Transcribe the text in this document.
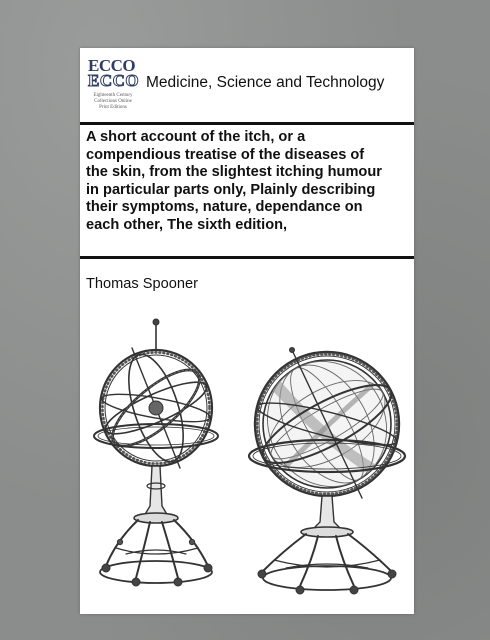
ECCO
ECCO
Eighteenth Century
Collections Online
Print Editions
Medicine, Science and Technology
A short account of the itch, or a
compendious treatise of the diseases of
the skin, from the slightest itching humour
in particular parts only, Plainly describing
their symptoms, nature, dependance on
each other, The sixth edition,
Thomas Spooner
